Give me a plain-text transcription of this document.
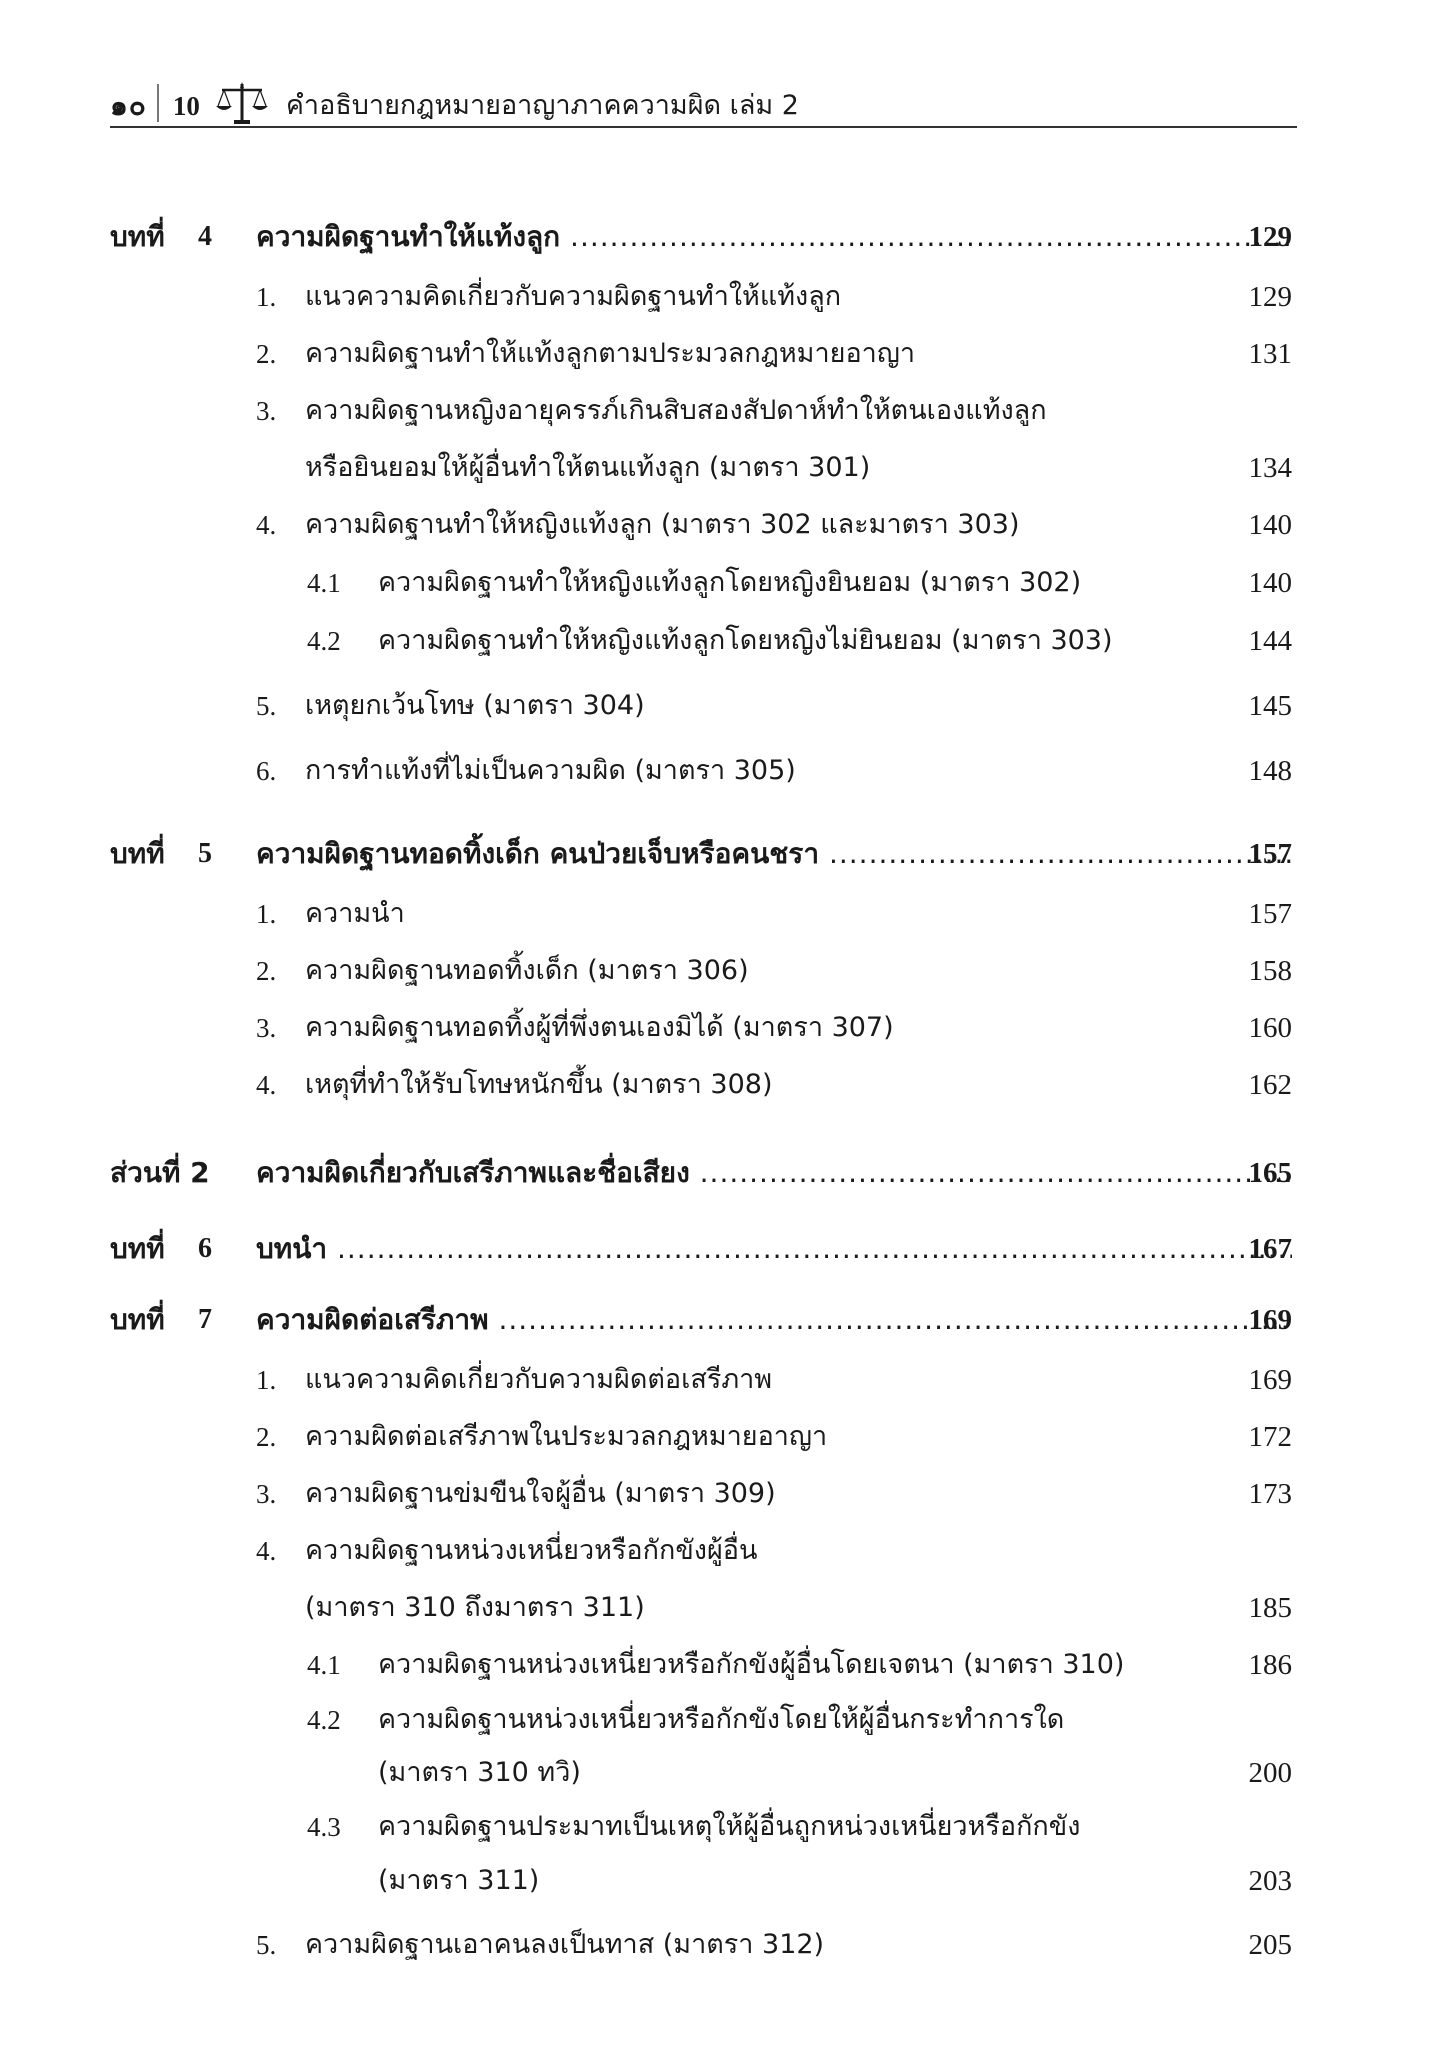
๑๐ 10	คำอธิบายกฎหมายอาญาภาคความผิด เล่ม 2
บทที่ 4 ความผิดฐานทำให้แท้งลูก .....	129
1. แนวความคิดเกี่ยวกับความผิดฐานทำให้แท้งลูก	129
2. ความผิดฐานทำให้แท้งลูกตามประมวลกฎหมายอาญา	131
3. ความผิดฐานหญิงอายุครรภ์เกินสิบสองสัปดาห์ทำให้ตนเองแท้งลูก
หรือยินยอมให้ผู้อื่นทำให้ตนแท้งลูก (มาตรา 301)	134
4. ความผิดฐานทำให้หญิงแท้งลูก (มาตรา 302 และมาตรา 303)	140
4.1 ความผิดฐานทำให้หญิงแท้งลูกโดยหญิงยินยอม (มาตรา 302)	140
4.2 ความผิดฐานทำให้หญิงแท้งลูกโดยหญิงไม่ยินยอม (มาตรา 303)	144
5. เหตุยกเว้นโทษ (มาตรา 304)	145
6. การทำแท้งที่ไม่เป็นความผิด (มาตรา 305)	148
บทที่ 5 ความผิดฐานทอดทิ้งเด็ก คนป่วยเจ็บหรือคนชรา .....	157
1. ความนำ	157
2. ความผิดฐานทอดทิ้งเด็ก (มาตรา 306)	158
3. ความผิดฐานทอดทิ้งผู้ที่พึ่งตนเองมิได้ (มาตรา 307)	160
4. เหตุที่ทำให้รับโทษหนักขึ้น (มาตรา 308)	162
ส่วนที่ 2 ความผิดเกี่ยวกับเสรีภาพและชื่อเสียง .....	165
บทที่ 6 บทนำ .....	167
บทที่ 7 ความผิดต่อเสรีภาพ .....	169
1. แนวความคิดเกี่ยวกับความผิดต่อเสรีภาพ	169
2. ความผิดต่อเสรีภาพในประมวลกฎหมายอาญา	172
3. ความผิดฐานข่มขืนใจผู้อื่น (มาตรา 309)	173
4. ความผิดฐานหน่วงเหนี่ยวหรือกักขังผู้อื่น
(มาตรา 310 ถึงมาตรา 311)	185
4.1 ความผิดฐานหน่วงเหนี่ยวหรือกักขังผู้อื่นโดยเจตนา (มาตรา 310)	186
4.2 ความผิดฐานหน่วงเหนี่ยวหรือกักขังโดยให้ผู้อื่นกระทำการใด
(มาตรา 310 ทวิ)	200
4.3 ความผิดฐานประมาทเป็นเหตุให้ผู้อื่นถูกหน่วงเหนี่ยวหรือกักขัง
(มาตรา 311)	203
5. ความผิดฐานเอาคนลงเป็นทาส (มาตรา 312)	205
